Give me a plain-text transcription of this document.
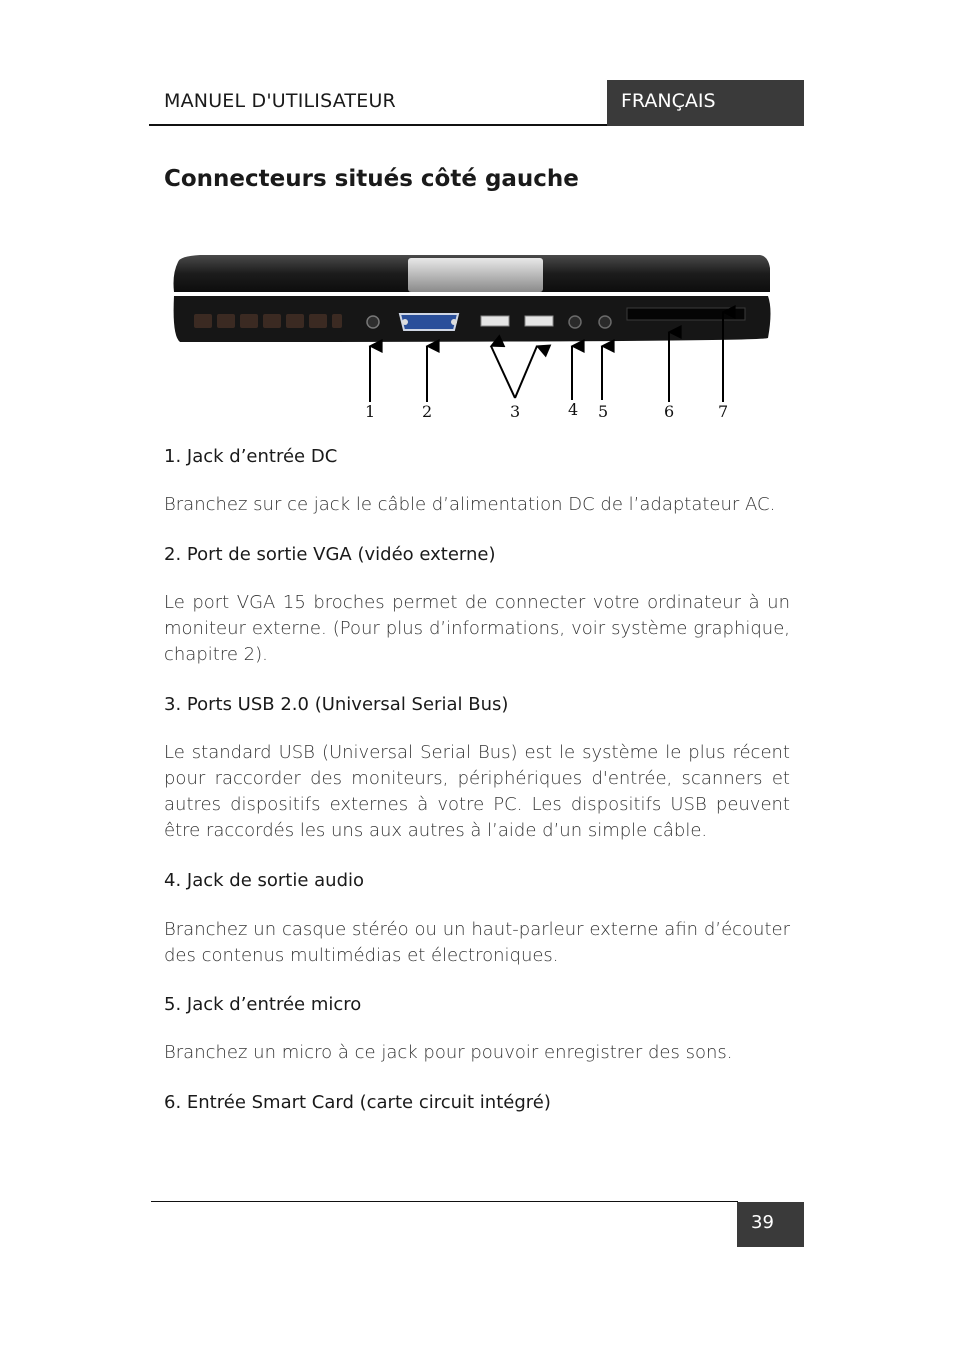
MANUEL D'UTILISATEUR	FRANÇAIS
Connecteurs situés côté gauche
1	2	3	4 5	6	7
1. Jack d’entrée DC

Branchez sur ce jack le câble d’alimentation DC de l’adaptateur AC.

2. Port de sortie VGA (vidéo externe)

Le port VGA 15 broches permet de connecter votre ordinateur à un moniteur externe. (Pour plus d’informations, voir système graphique, chapitre 2).

3. Ports USB 2.0 (Universal Serial Bus)

Le standard USB (Universal Serial Bus) est le système le plus récent pour raccorder des moniteurs, périphériques d'entrée, scanners et autres dispositifs externes à votre PC. Les dispositifs USB peuvent être raccordés les uns aux autres à l’aide d’un simple câble.

4. Jack de sortie audio

Branchez un casque stéréo ou un haut-parleur externe afin d’écouter des contenus multimédias et électroniques.

5. Jack d’entrée micro

Branchez un micro à ce jack pour pouvoir enregistrer des sons.

6. Entrée Smart Card (carte circuit intégré)
39
